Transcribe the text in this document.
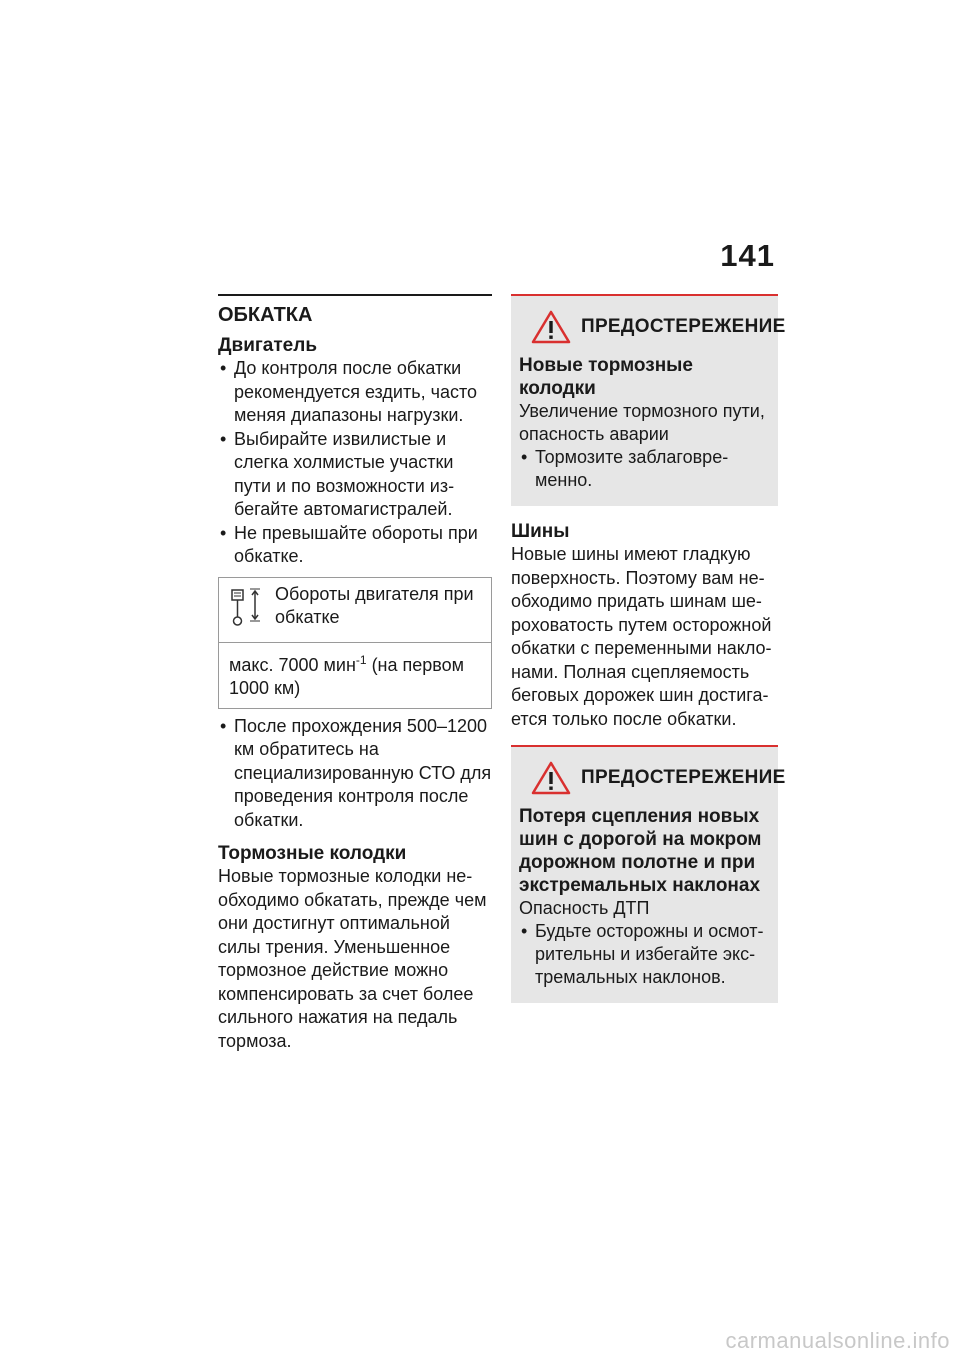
141
ОБКАТКА
Двигатель
• До контроля после обкатки рекомендуется ездить, часто меняя диапазоны нагрузки.
• Выбирайте извилистые и слегка холмистые участки пути и по возможности из-бегайте автомагистралей.
• Не превышайте обороты при обкатке.
Обороты двигателя при обкатке
макс. 7000 мин$^{-1}$ (на первом 1000 км)
• После прохождения 500–1200 км обратитесь на специализированную СТО для проведения контроля после обкатки.
Тормозные колодки

Новые тормозные колодки не-обходимо обкатать, прежде чем они достигнут оптимальной силы трения. Уменьшенное тормозное действие можно компенсировать за счет более сильного нажатия на педаль тормоза.

ПРЕДОСТЕРЕЖЕНИЕ
Новые тормозные колодки
Увеличение тормозного пути, опасность аварии
• Тормозите заблаговре-менно.
Шины

Новые шины имеют гладкую поверхность. Поэтому вам не-обходимо придать шинам ше-роховатость путем осторожной обкатки с переменными накло-нами. Полная сцепляемость беговых дорожек шин достига-ется только после обкатки.

ПРЕДОСТЕРЕЖЕНИЕ
Потеря сцепления новых шин с дорогой на мокром дорожном полотне и при экстремальных наклонах
Опасность ДТП
• Будьте осторожны и осмот-рительны и избегайте экс-тремальных наклонов.
carmanualsonline.info
